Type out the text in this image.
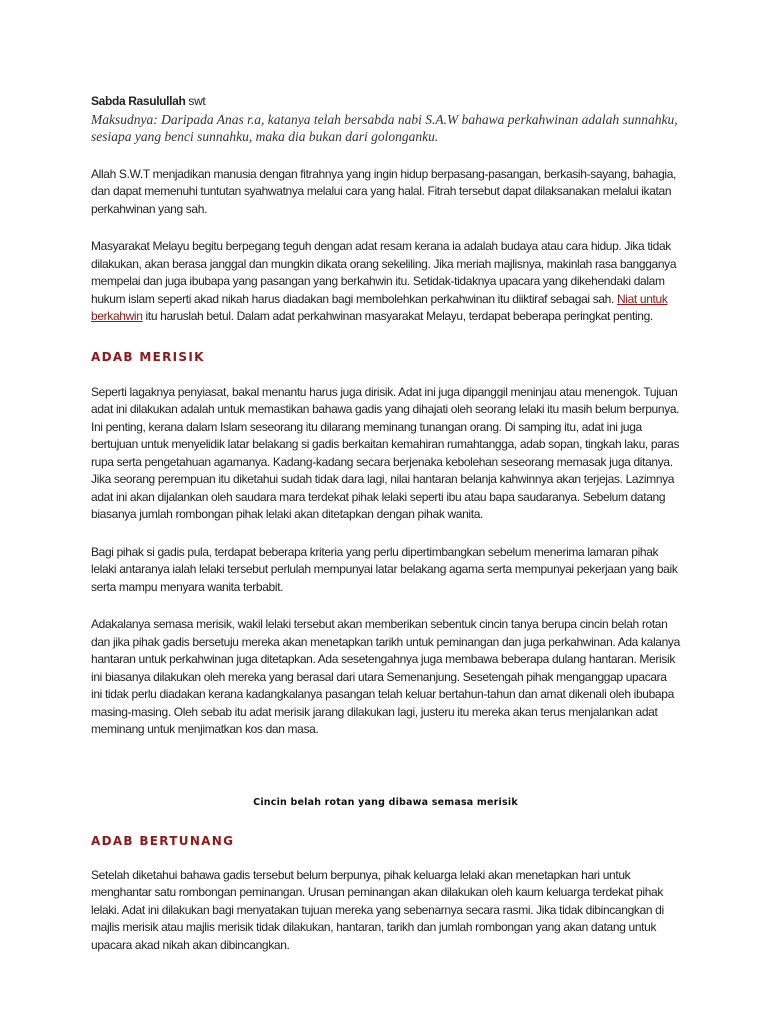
Sabda Rasulullah swt

Maksudnya: Daripada Anas r.a, katanya telah bersabda nabi S.A.W bahawa perkahwinan adalah sunnahku, sesiapa yang benci sunnahku, maka dia bukan dari golonganku.

Allah S.W.T menjadikan manusia dengan fitrahnya yang ingin hidup berpasang-pasangan, berkasih-sayang, bahagia, dan dapat memenuhi tuntutan syahwatnya melalui cara yang halal. Fitrah tersebut dapat dilaksanakan melalui ikatan perkahwinan yang sah.

Masyarakat Melayu begitu berpegang teguh dengan adat resam kerana ia adalah budaya atau cara hidup. Jika tidak dilakukan, akan berasa janggal dan mungkin dikata orang sekeliling. Jika meriah majlisnya, makinlah rasa bangganya mempelai dan juga ibubapa yang pasangan yang berkahwin itu. Setidak-tidaknya upacara yang dikehendaki dalam hukum islam seperti akad nikah harus diadakan bagi membolehkan perkahwinan itu diiktiraf sebagai sah. Niat untuk berkahwin itu haruslah betul. Dalam adat perkahwinan masyarakat Melayu, terdapat beberapa peringkat penting.

ADAB MERISIK

Seperti lagaknya penyiasat, bakal menantu harus juga dirisik. Adat ini juga dipanggil meninjau atau menengok. Tujuan adat ini dilakukan adalah untuk memastikan bahawa gadis yang dihajati oleh seorang lelaki itu masih belum berpunya. Ini penting, kerana dalam Islam seseorang itu dilarang meminang tunangan orang. Di samping itu, adat ini juga bertujuan untuk menyelidik latar belakang si gadis berkaitan kemahiran rumahtangga, adab sopan, tingkah laku, paras rupa serta pengetahuan agamanya. Kadang-kadang secara berjenaka kebolehan seseorang memasak juga ditanya. Jika seorang perempuan itu diketahui sudah tidak dara lagi, nilai hantaran belanja kahwinnya akan terjejas. Lazimnya adat ini akan dijalankan oleh saudara mara terdekat pihak lelaki seperti ibu atau bapa saudaranya. Sebelum datang biasanya jumlah rombongan pihak lelaki akan ditetapkan dengan pihak wanita.

Bagi pihak si gadis pula, terdapat beberapa kriteria yang perlu dipertimbangkan sebelum menerima lamaran pihak lelaki antaranya ialah lelaki tersebut perlulah mempunyai latar belakang agama serta mempunyai pekerjaan yang baik serta mampu menyara wanita terbabit.

Adakalanya semasa merisik, wakil lelaki tersebut akan memberikan sebentuk cincin tanya berupa cincin belah rotan dan jika pihak gadis bersetuju mereka akan menetapkan tarikh untuk peminangan dan juga perkahwinan. Ada kalanya hantaran untuk perkahwinan juga ditetapkan. Ada sesetengahnya juga membawa beberapa dulang hantaran. Merisik ini biasanya dilakukan oleh mereka yang berasal dari utara Semenanjung. Sesetengah pihak menganggap upacara ini tidak perlu diadakan kerana kadangkalanya pasangan telah keluar bertahun-tahun dan amat dikenali oleh ibubapa masing-masing. Oleh sebab itu adat merisik jarang dilakukan lagi, justeru itu mereka akan terus menjalankan adat meminang untuk menjimatkan kos dan masa.

Cincin belah rotan yang dibawa semasa merisik

ADAB BERTUNANG

Setelah diketahui bahawa gadis tersebut belum berpunya, pihak keluarga lelaki akan menetapkan hari untuk menghantar satu rombongan peminangan. Urusan peminangan akan dilakukan oleh kaum keluarga terdekat pihak lelaki. Adat ini dilakukan bagi menyatakan tujuan mereka yang sebenarnya secara rasmi. Jika tidak dibincangkan di majlis merisik atau majlis merisik tidak dilakukan, hantaran, tarikh dan jumlah rombongan yang akan datang untuk upacara akad nikah akan dibincangkan.
